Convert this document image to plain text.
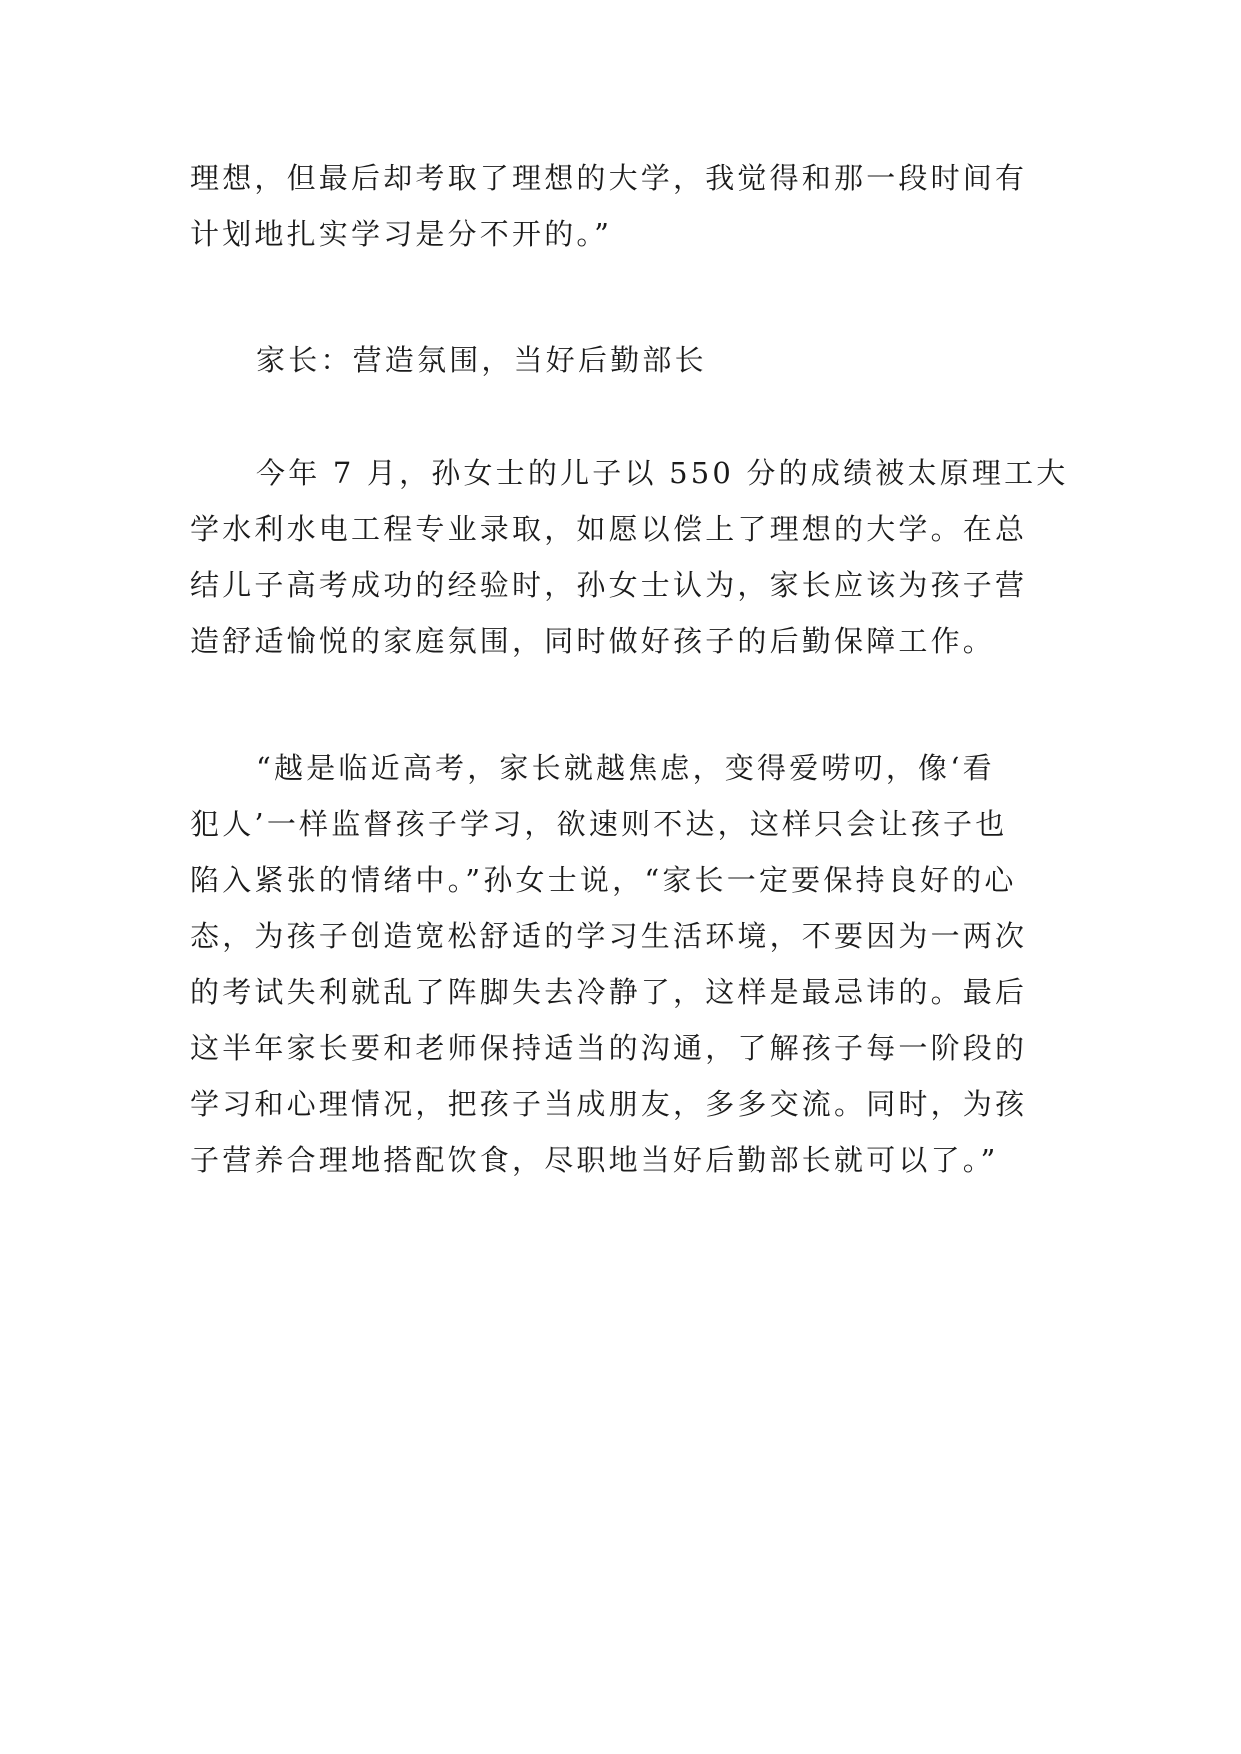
理想，但最后却考取了理想的大学，我觉得和那一段时间有
计划地扎实学习是分不开的。”
家长：营造氛围，当好后勤部长
今年 7 月，孙女士的儿子以 550 分的成绩被太原理工大
学水利水电工程专业录取，如愿以偿上了理想的大学。在总
结儿子高考成功的经验时，孙女士认为，家长应该为孩子营
造舒适愉悦的家庭氛围，同时做好孩子的后勤保障工作。
“越是临近高考，家长就越焦虑，变得爱唠叨，像‘看
犯人’一样监督孩子学习，欲速则不达，这样只会让孩子也
陷入紧张的情绪中。”孙女士说，“家长一定要保持良好的心
态，为孩子创造宽松舒适的学习生活环境，不要因为一两次
的考试失利就乱了阵脚失去冷静了，这样是最忌讳的。最后
这半年家长要和老师保持适当的沟通，了解孩子每一阶段的
学习和心理情况，把孩子当成朋友，多多交流。同时，为孩
子营养合理地搭配饮食，尽职地当好后勤部长就可以了。”
